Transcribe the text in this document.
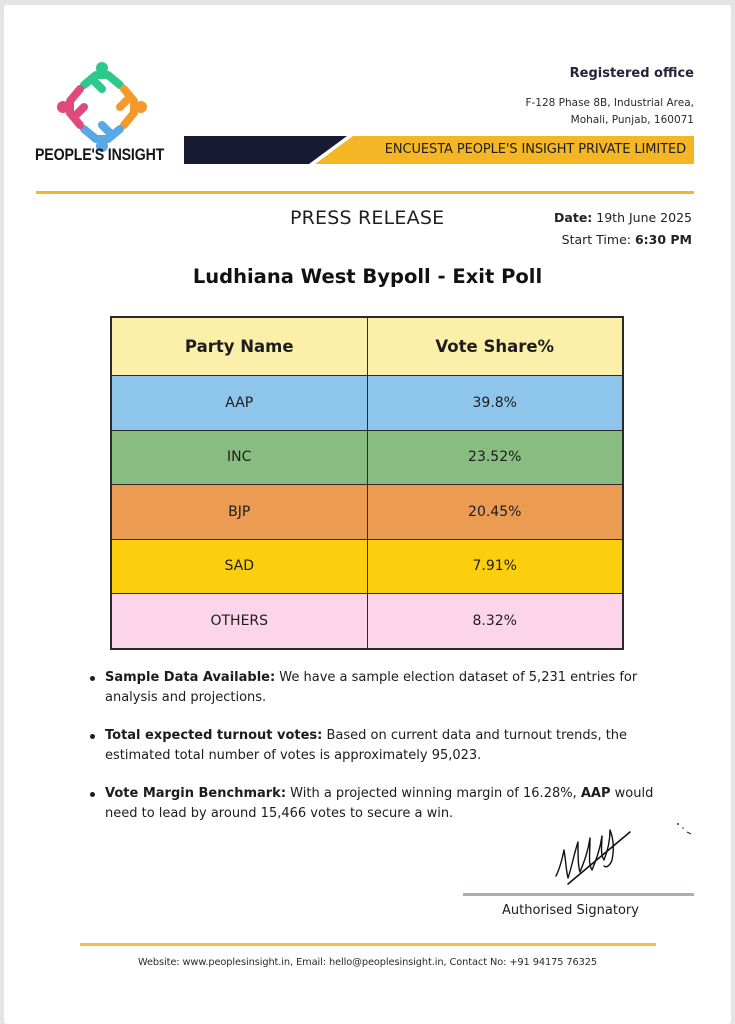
PEOPLE'S INSIGHT
Registered office
F-128 Phase 8B, Industrial Area,
Mohali, Punjab, 160071
ENCUESTA PEOPLE'S INSIGHT PRIVATE LIMITED
PRESS RELEASE	Date: 19th June 2025
Start Time: 6:30 PM
Ludhiana West Bypoll - Exit Poll
Party Name	Vote Share%
AAP	39.8%
INC	23.52%
BJP	20.45%
SAD	7.91%
OTHERS	8.32%
Sample Data Available: We have a sample election dataset of 5,231 entries for analysis and projections.
Total expected turnout votes: Based on current data and turnout trends, the estimated total number of votes is approximately 95,023.
Vote Margin Benchmark: With a projected winning margin of 16.28%, AAP would need to lead by around 15,466 votes to secure a win.
Authorised Signatory
Website: www.peoplesinsight.in, Email: hello@peoplesinsight.in, Contact No: +91 94175 76325
